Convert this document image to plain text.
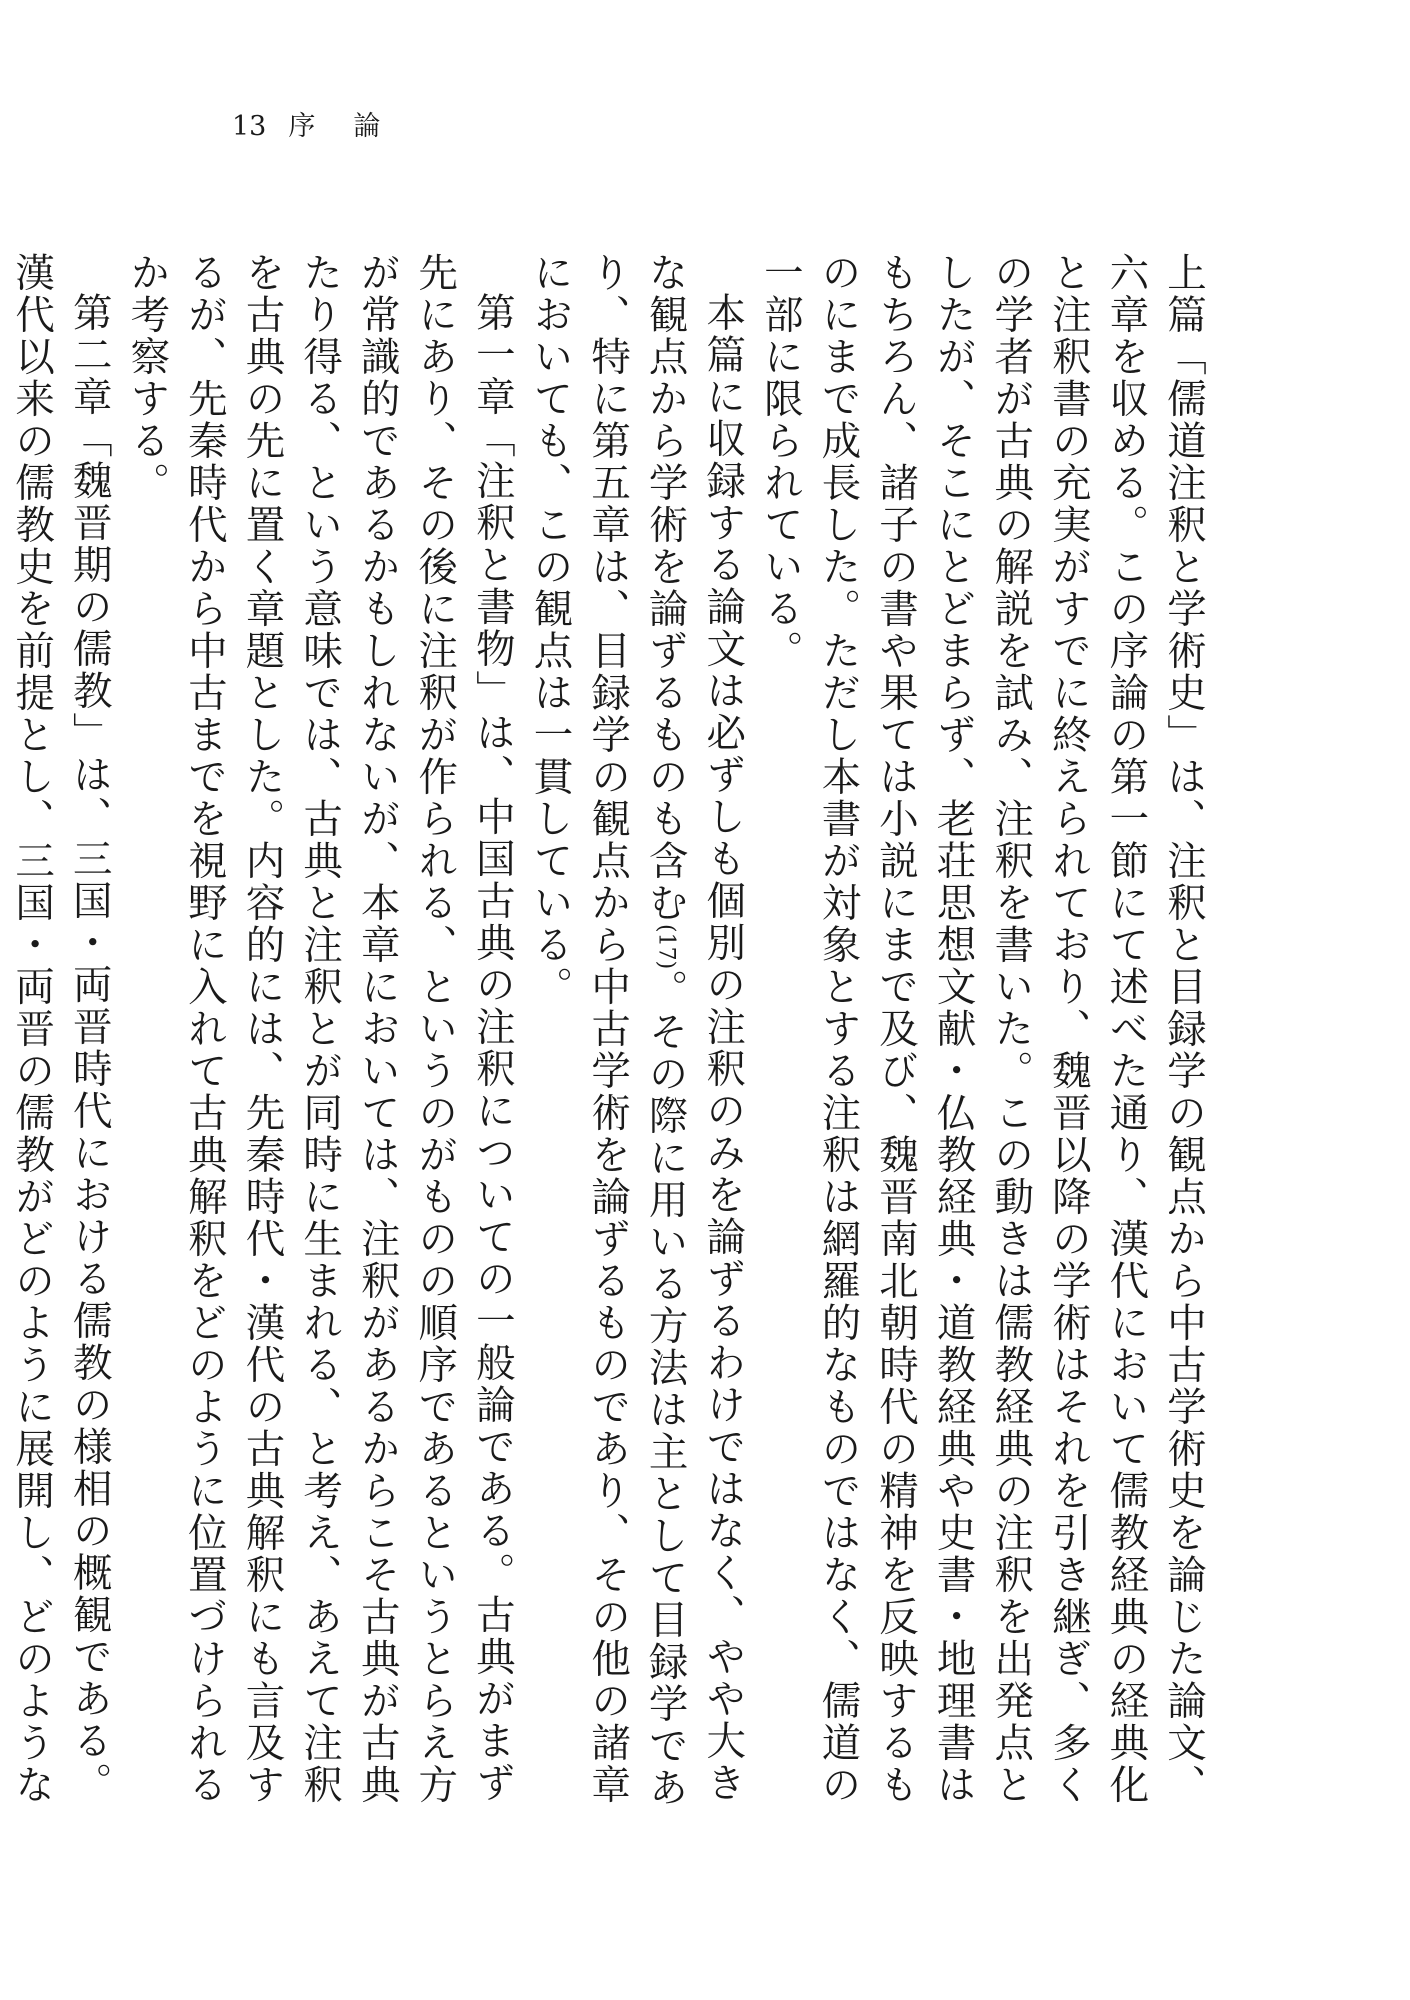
13 序 論

上篇「儒道注釈と学術史」は、注釈と目録学の観点から中古学術史を論じた論文、六章を収める。この序論の第一節にて述べた通り、漢代において儒教経典の経典化と注釈書の充実がすでに終えられており、魏晋以降の学術はそれを引き継ぎ、多くの学者が古典の解説を試み、注釈を書いた。この動きは儒教経典の注釈を出発点としたが、そこにとどまらず、老荘思想文献・仏教経典・道教経典や史書・地理書はもちろん、諸子の書や果ては小説にまで及び、魏晋南北朝時代の精神を反映するものにまで成長した。ただし本書が対象とする注釈は網羅的なものではなく、儒道の一部に限られている。

本篇に収録する論文は必ずしも個別の注釈のみを論ずるわけではなく、やや大きな観点から学術を論ずるものも含む(17)。その際に用いる方法は主として目録学であり、特に第五章は、目録学の観点から中古学術を論ずるものであり、その他の諸章においても、この観点は一貫している。

第一章「注釈と書物」は、中国古典の注釈についての一般論である。古典がまず先にあり、その後に注釈が作られる、というのがものの順序であるというとらえ方が常識的であるかもしれないが、本章においては、注釈があるからこそ古典が古典たり得る、という意味では、古典と注釈とが同時に生まれる、と考え、あえて注釈を古典の先に置く章題とした。内容的には、先秦時代・漢代の古典解釈にも言及するが、先秦時代から中古までを視野に入れて古典解釈をどのように位置づけられるか考察する。

第二章「魏晋期の儒教」は、三国・両晋時代における儒教の様相の概観である。漢代以来の儒教史を前提とし、三国・両晋の儒教がどのように展開し、どのような
